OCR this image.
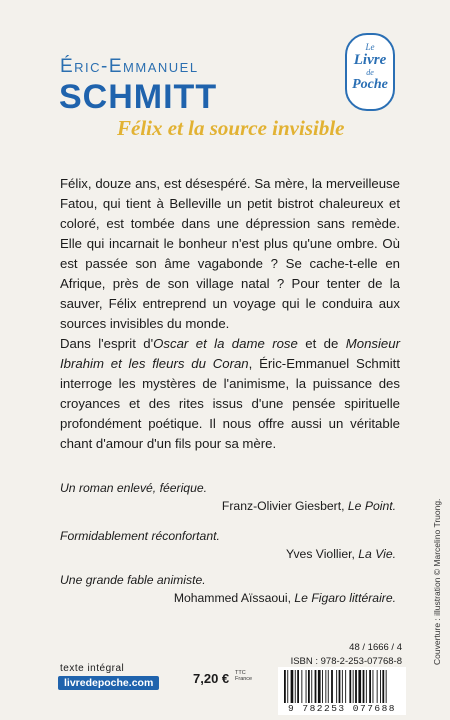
Éric-Emmanuel
SCHMITT
Félix et la source invisible
Le
Livre
de
Poche

Félix, douze ans, est désespéré. Sa mère, la merveilleuse Fatou, qui tient à Belleville un petit bistrot chaleureux et coloré, est tombée dans une dépression sans remède. Elle qui incarnait le bonheur n'est plus qu'une ombre. Où est passée son âme vagabonde ? Se cache-t-elle en Afrique, près de son village natal ? Pour tenter de la sauver, Félix entreprend un voyage qui le conduira aux sources invisibles du monde.

Dans l'esprit d'Oscar et la dame rose et de Monsieur Ibrahim et les fleurs du Coran, Éric-Emmanuel Schmitt interroge les mystères de l'animisme, la puissance des croyances et des rites issus d'une pensée spirituelle profondément poétique. Il nous offre aussi un véritable chant d'amour d'un fils pour sa mère.

Un roman enlevé, féerique.
Franz-Olivier Giesbert, Le Point.
Formidablement réconfortant.
Yves Viollier, La Vie.
Une grande fable animiste.
Mohammed Aïssaoui, Le Figaro littéraire.	Couverture : illustration © Marcelino Truong.
48 / 1666 / 4
ISBN : 978-2-253-07768-8
texte intégral
livredepoche.com	7,20 € TTC
France
9 782253 077688
